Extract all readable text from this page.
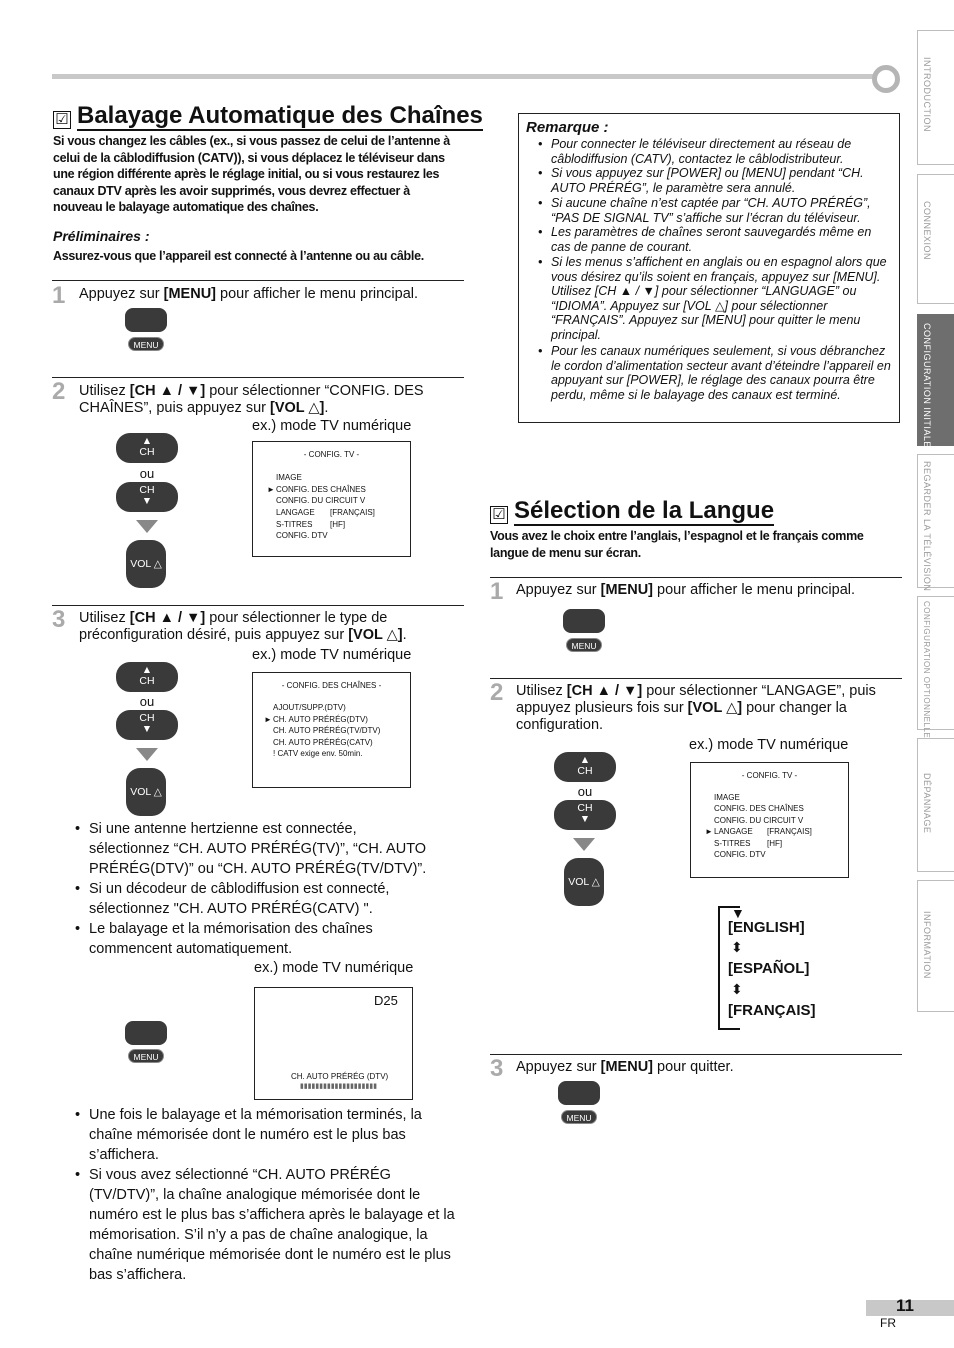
INTRODUCTION
CONNEXION
CONFIGURATION INITIALE
REGARDER LA TÉLÉVISION
CONFIGURATION OPTIONNELLE
DÉPANNAGE
INFORMATION
☑ Balayage Automatique des Chaînes
Si vous changez les câbles (ex., si vous passez de celui de l’antenne à celui de la câblodiffusion (CATV)), si vous déplacez le téléviseur dans une région différente après le réglage initial, ou si vous restaurez les canaux DTV après les avoir supprimés, vous devrez effectuer à nouveau le balayage automatique des chaînes.
Préliminaires :
Assurez-vous que l’appareil est connecté à l’antenne ou au câble.
1 Appuyez sur [MENU] pour afficher le menu principal.
MENU
2 Utilisez [CH ▲ / ▼] pour sélectionner “CONFIG. DES CHAÎNES”, puis appuyez sur [VOL △].
ex.) mode TV numérique
▲
CH
ou
CH
▼
VOL △
- CONFIG. TV -
►
IMAGE
CONFIG. DES CHAÎNES
CONFIG. DU CIRCUIT V
LANGAGE [FRANÇAIS]
S-TITRES [HF]
CONFIG. DTV
3 Utilisez [CH ▲ / ▼] pour sélectionner le type de préconfiguration désiré, puis appuyez sur [VOL △].
ex.) mode TV numérique
▲
CH
ou
CH
▼
VOL △
- CONFIG. DES CHAÎNES -
►
AJOUT/SUPP.(DTV)
CH. AUTO PRÉRÉG(DTV)
CH. AUTO PRÉRÉG(TV/DTV)
CH. AUTO PRÉRÉG(CATV)
! CATV exige env. 50min.
• Si une antenne hertzienne est connectée, sélectionnez “CH. AUTO PRÉRÉG(TV)”, “CH. AUTO PRÉRÉG(DTV)” ou “CH. AUTO PRÉRÉG(TV/DTV)”.
• Si un décodeur de câblodiffusion est connecté, sélectionnez "CH. AUTO PRÉRÉG(CATV) ".
• Le balayage et la mémorisation des chaînes commencent automatiquement.
ex.) mode TV numérique
MENU
D25
CH. AUTO PRÉRÉG (DTV)
▮▮▮▮▮▮▮▮▮▮▮▮▮▮▮▮▮▮▮▮
• Une fois le balayage et la mémorisation terminés, la chaîne mémorisée dont le numéro est le plus bas s’affichera.
• Si vous avez sélectionné “CH. AUTO PRÉRÉG (TV/DTV)”, la chaîne analogique mémorisée dont le numéro est le plus bas s’affichera après le balayage et la mémorisation. S’il n’y a pas de chaîne analogique, la chaîne numérique mémorisée dont le numéro est le plus bas s’affichera.
Remarque :
• Pour connecter le téléviseur directement au réseau de câblodiffusion (CATV), contactez le câblodistributeur.
• Si vous appuyez sur [POWER] ou [MENU] pendant “CH. AUTO PRÉRÉG”, le paramètre sera annulé.
• Si aucune chaîne n’est captée par “CH. AUTO PRÉRÉG”, “PAS DE SIGNAL TV” s’affiche sur l’écran du téléviseur.
• Les paramètres de chaînes seront sauvegardés même en cas de panne de courant.
• Si les menus s’affichent en anglais ou en espagnol alors que vous désirez qu’ils soient en français, appuyez sur [MENU]. Utilisez [CH ▲ / ▼] pour sélectionner “LANGUAGE” ou “IDIOMA”. Appuyez sur [VOL △] pour sélectionner “FRANÇAIS”. Appuyez sur [MENU] pour quitter le menu principal.
• Pour les canaux numériques seulement, si vous débranchez le cordon d’alimentation secteur avant d’éteindre l’appareil en appuyant sur [POWER], le réglage des canaux pourra être perdu, même si le balayage des canaux est terminé.
☑ Sélection de la Langue
Vous avez le choix entre l’anglais, l’espagnol et le français comme langue de menu sur écran.
1 Appuyez sur [MENU] pour afficher le menu principal.
MENU
2 Utilisez [CH ▲ / ▼] pour sélectionner “LANGAGE”, puis appuyez plusieurs fois sur [VOL △] pour changer la configuration.
ex.) mode TV numérique
▲
CH
ou
CH
▼
VOL △
- CONFIG. TV -
►
IMAGE
CONFIG. DES CHAÎNES
CONFIG. DU CIRCUIT V
LANGAGE [FRANÇAIS]
S-TITRES [HF]
CONFIG. DTV
▼
[ENGLISH]
⬍
[ESPAÑOL]
⬍
[FRANÇAIS]
3 Appuyez sur [MENU] pour quitter.
MENU
11
FR
